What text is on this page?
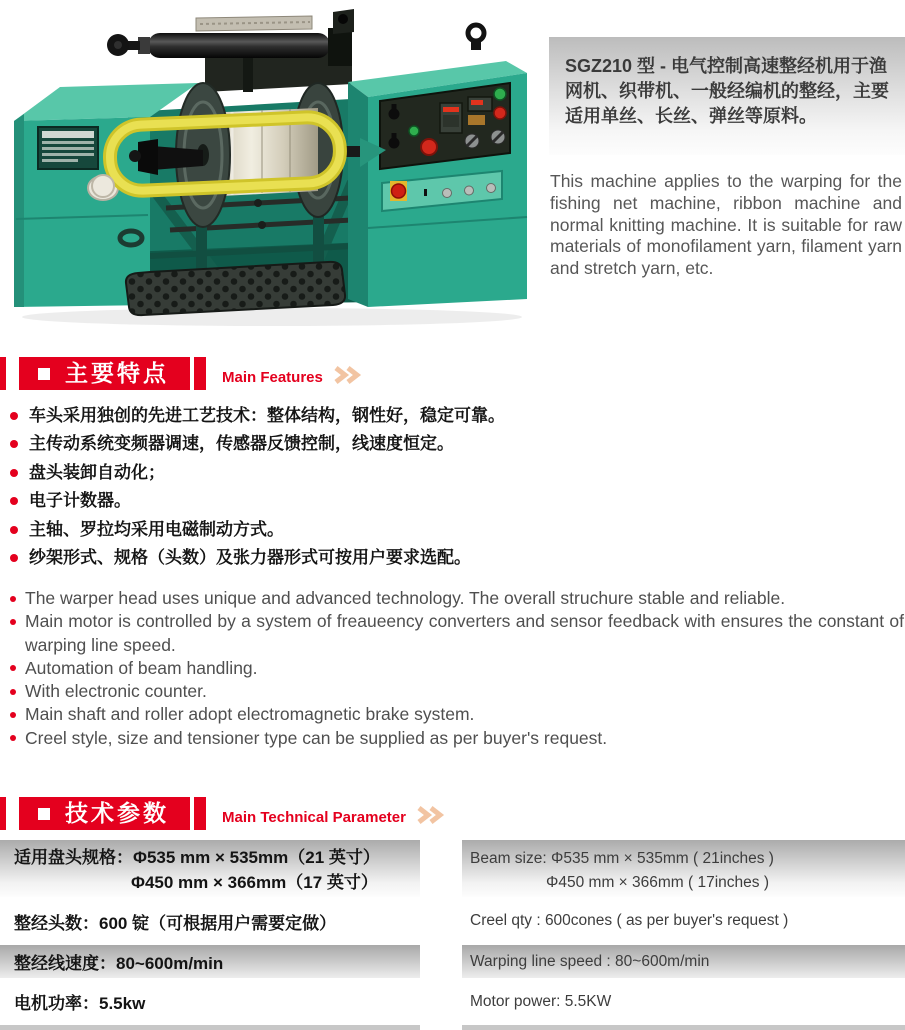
SGZ210 型 - 电气控制高速整经机用于渔网机、织带机、一般经编机的整经，主要适用单丝、长丝、弹丝等原料。
This machine applies to the warping for the fishing net machine, ribbon machine and normal knitting machine. It is suitable for raw materials of monofilament yarn, filament yarn and stretch yarn, etc.
主要特点	Main Features
车头采用独创的先进工艺技术：整体结构，钢性好，稳定可靠。
主传动系统变频器调速，传感器反馈控制，线速度恒定。
盘头装卸自动化；
电子计数器。
主轴、罗拉均采用电磁制动方式。
纱架形式、规格（头数）及张力器形式可按用户要求选配。
The warper head uses unique and advanced technology. The overall struchure stable and reliable.
Main motor is controlled by a system of freaueency converters and sensor feedback with ensures the constant of warping line speed.
Automation of beam handling.
With electronic counter.
Main shaft and roller adopt electromagnetic brake system.
Creel style, size and tensioner type can be supplied as per buyer's request.
技术参数	Main Technical Parameter
适用盘头规格：Φ535 mm × 535mm（21 英寸）
Φ450 mm × 366mm（17 英寸）
Beam size: Φ535 mm × 535mm ( 21inches )
Φ450 mm × 366mm ( 17inches )
整经头数：600 锭（可根据用户需要定做）	Creel qty : 600cones ( as per buyer's request )
整经线速度：80~600m/min	Warping line speed : 80~600m/min
电机功率：5.5kw	Motor power: 5.5KW
